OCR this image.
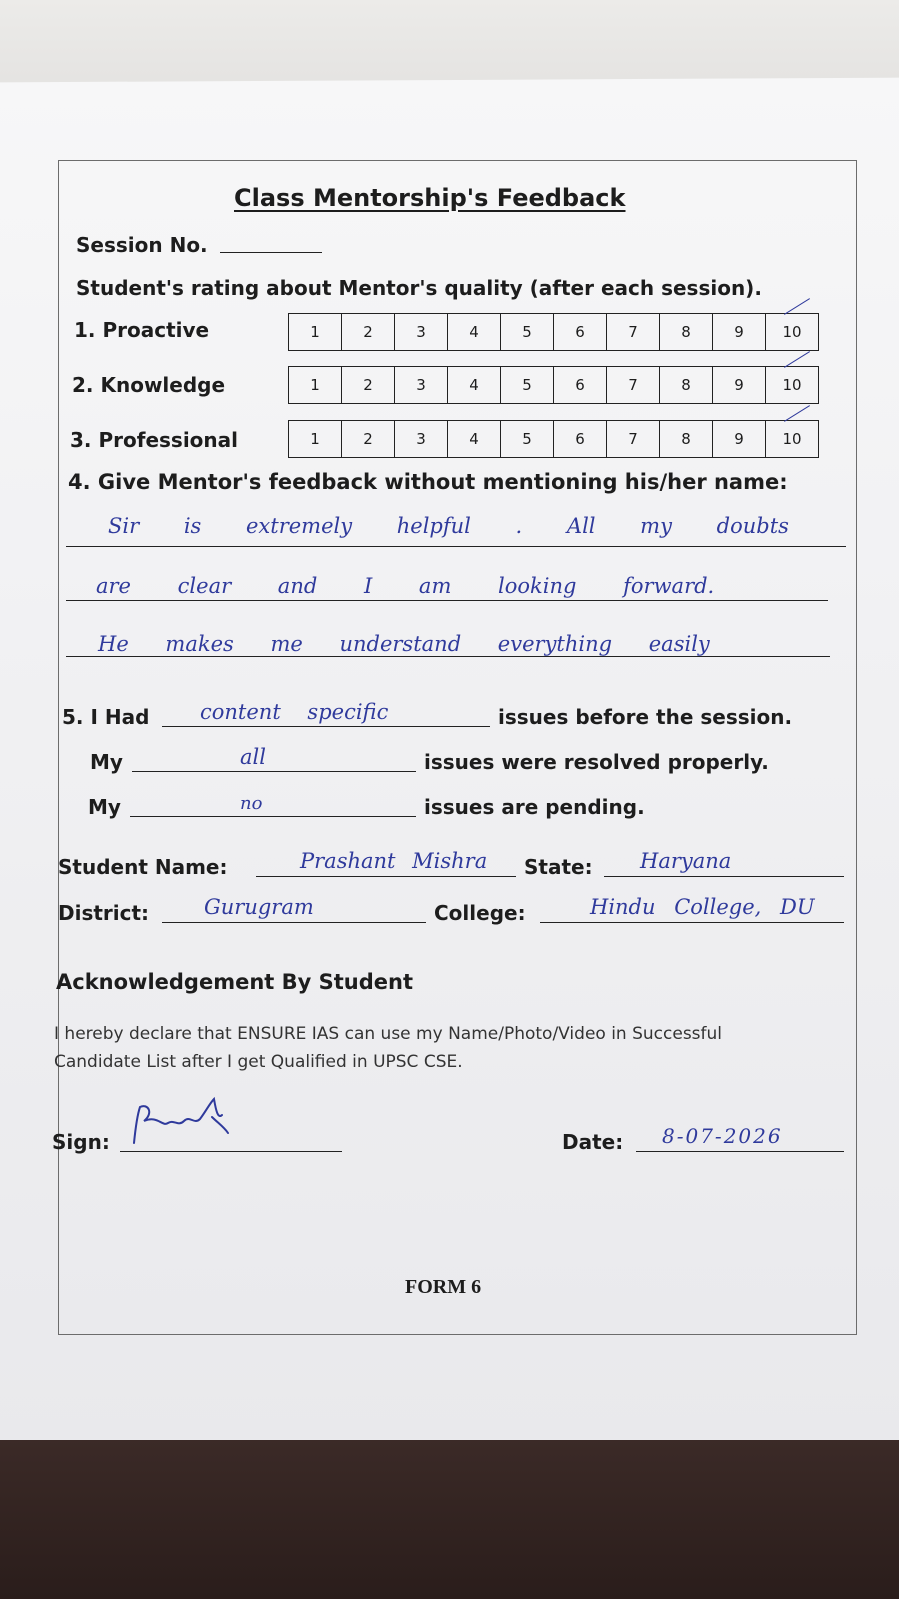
Class Mentorship's Feedback
Session No.
Student's rating about Mentor's quality (after each session).
1. Proactive	1	2	3	4	5	6	7	8	9	10
2. Knowledge	1	2	3	4	5	6	7	8	9	10
3. Professional	1	2	3	4	5	6	7	8	9	10
4. Give Mentor's feedback without mentioning his/her name:
Sir is extremely helpful . All my doubts
are clear and I am looking forward.
He makes me understand everything easily
5. I Had content specific	issues before the session.
My	all	issues were resolved properly.
My	no	issues are pending.
Student Name:	Prashant Mishra State: Haryana
District:	Gurugram	College:	Hindu College, DU
Acknowledgement By Student
I hereby declare that ENSURE IAS can use my Name/Photo/Video in Successful
Candidate List after I get Qualified in UPSC CSE.
Sign:	Date: 8-07-2026
FORM 6
